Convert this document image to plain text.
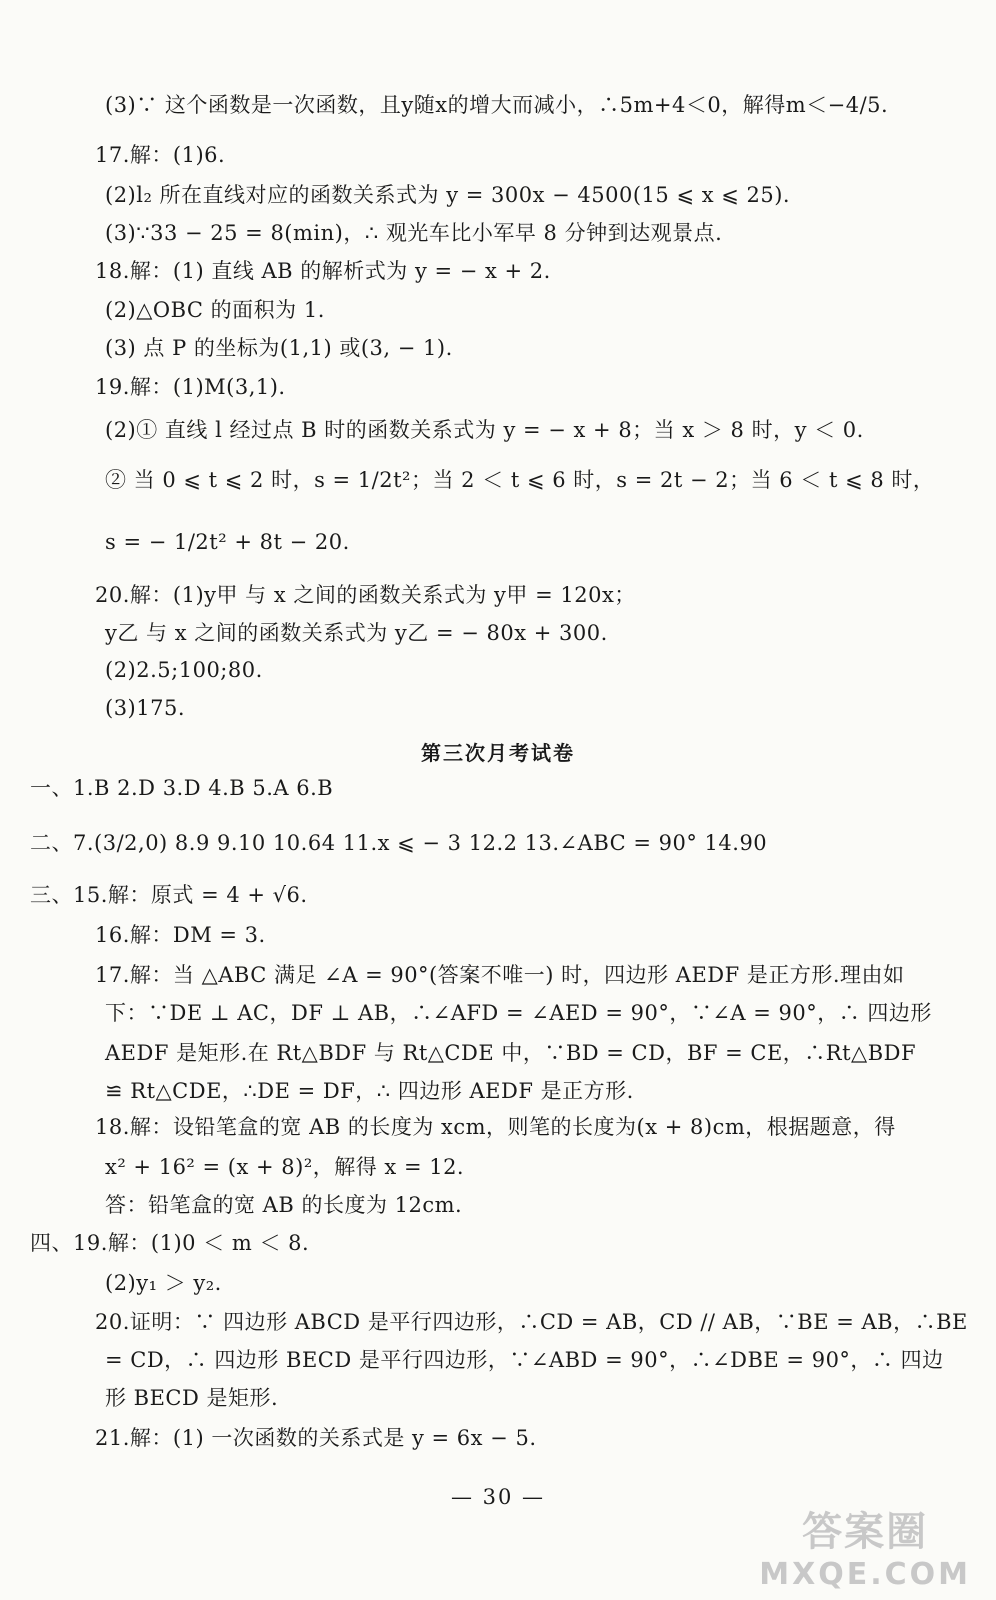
(3)∵ 这个函数是一次函数，且y随x的增大而减小，∴5m+4＜0，解得m＜−4/5.
17.解：(1)6.
(2)l₂ 所在直线对应的函数关系式为 y = 300x − 4500(15 ⩽ x ⩽ 25).
(3)∵33 − 25 = 8(min)，∴ 观光车比小军早 8 分钟到达观景点.
18.解：(1) 直线 AB 的解析式为 y = − x + 2.
(2)△OBC 的面积为 1.
(3) 点 P 的坐标为(1,1) 或(3, − 1).
19.解：(1)M(3,1).
(2)① 直线 l 经过点 B 时的函数关系式为 y = − x + 8；当 x ＞ 8 时，y ＜ 0.
② 当 0 ⩽ t ⩽ 2 时，s = 1/2t²；当 2 ＜ t ⩽ 6 时，s = 2t − 2；当 6 ＜ t ⩽ 8 时，
s = − 1/2t² + 8t − 20.
20.解：(1)y甲 与 x 之间的函数关系式为 y甲 = 120x；
y乙 与 x 之间的函数关系式为 y乙 = − 80x + 300.
(2)2.5;100;80.
(3)175.
第三次月考试卷
一、1.B 2.D 3.D 4.B 5.A 6.B
二、7.(3/2,0) 8.9 9.10 10.64 11.x ⩽ − 3 12.2 13.∠ABC = 90° 14.90
三、15.解：原式 = 4 + √6.
16.解：DM = 3.
17.解：当 △ABC 满足 ∠A = 90°(答案不唯一) 时，四边形 AEDF 是正方形.理由如
下：∵DE ⊥ AC，DF ⊥ AB，∴∠AFD = ∠AED = 90°，∵∠A = 90°，∴ 四边形
AEDF 是矩形.在 Rt△BDF 与 Rt△CDE 中，∵BD = CD，BF = CE，∴Rt△BDF
≌ Rt△CDE，∴DE = DF，∴ 四边形 AEDF 是正方形.
18.解：设铅笔盒的宽 AB 的长度为 xcm，则笔的长度为(x + 8)cm，根据题意，得
x² + 16² = (x + 8)²，解得 x = 12.
答：铅笔盒的宽 AB 的长度为 12cm.
四、19.解：(1)0 ＜ m ＜ 8.
(2)y₁ ＞ y₂.
20.证明：∵ 四边形 ABCD 是平行四边形，∴CD = AB，CD // AB，∵BE = AB，∴BE
= CD，∴ 四边形 BECD 是平行四边形，∵∠ABD = 90°，∴∠DBE = 90°，∴ 四边
形 BECD 是矩形.
21.解：(1) 一次函数的关系式是 y = 6x − 5.
— 30 —
答案圈
MXQE.COM
